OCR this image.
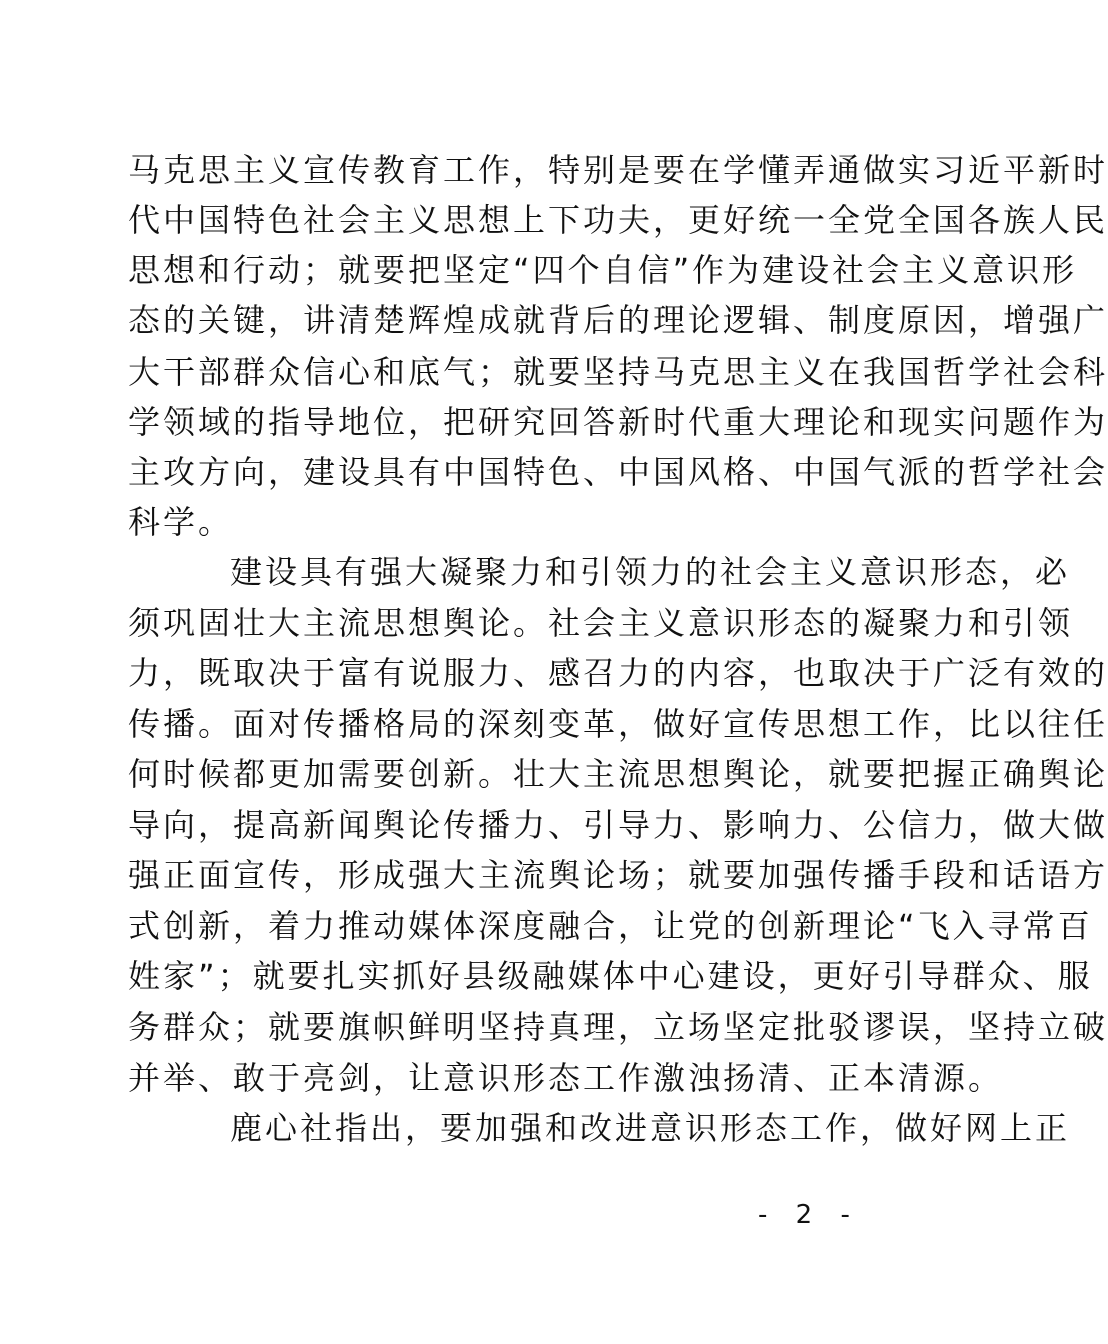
马克思主义宣传教育工作，特别是要在学懂弄通做实习近平新时
代中国特色社会主义思想上下功夫，更好统一全党全国各族人民
思想和行动；就要把坚定“四个自信”作为建设社会主义意识形
态的关键，讲清楚辉煌成就背后的理论逻辑、制度原因，增强广
大干部群众信心和底气；就要坚持马克思主义在我国哲学社会科
学领域的指导地位，把研究回答新时代重大理论和现实问题作为
主攻方向，建设具有中国特色、中国风格、中国气派的哲学社会
科学。
建设具有强大凝聚力和引领力的社会主义意识形态，必
须巩固壮大主流思想舆论。社会主义意识形态的凝聚力和引领
力，既取决于富有说服力、感召力的内容，也取决于广泛有效的
传播。面对传播格局的深刻变革，做好宣传思想工作，比以往任
何时候都更加需要创新。壮大主流思想舆论，就要把握正确舆论
导向，提高新闻舆论传播力、引导力、影响力、公信力，做大做
强正面宣传，形成强大主流舆论场；就要加强传播手段和话语方
式创新，着力推动媒体深度融合，让党的创新理论“飞入寻常百
姓家”；就要扎实抓好县级融媒体中心建设，更好引导群众、服
务群众；就要旗帜鲜明坚持真理，立场坚定批驳谬误，坚持立破
并举、敢于亮剑，让意识形态工作激浊扬清、正本清源。
鹿心社指出，要加强和改进意识形态工作，做好网上正
- 2 -
